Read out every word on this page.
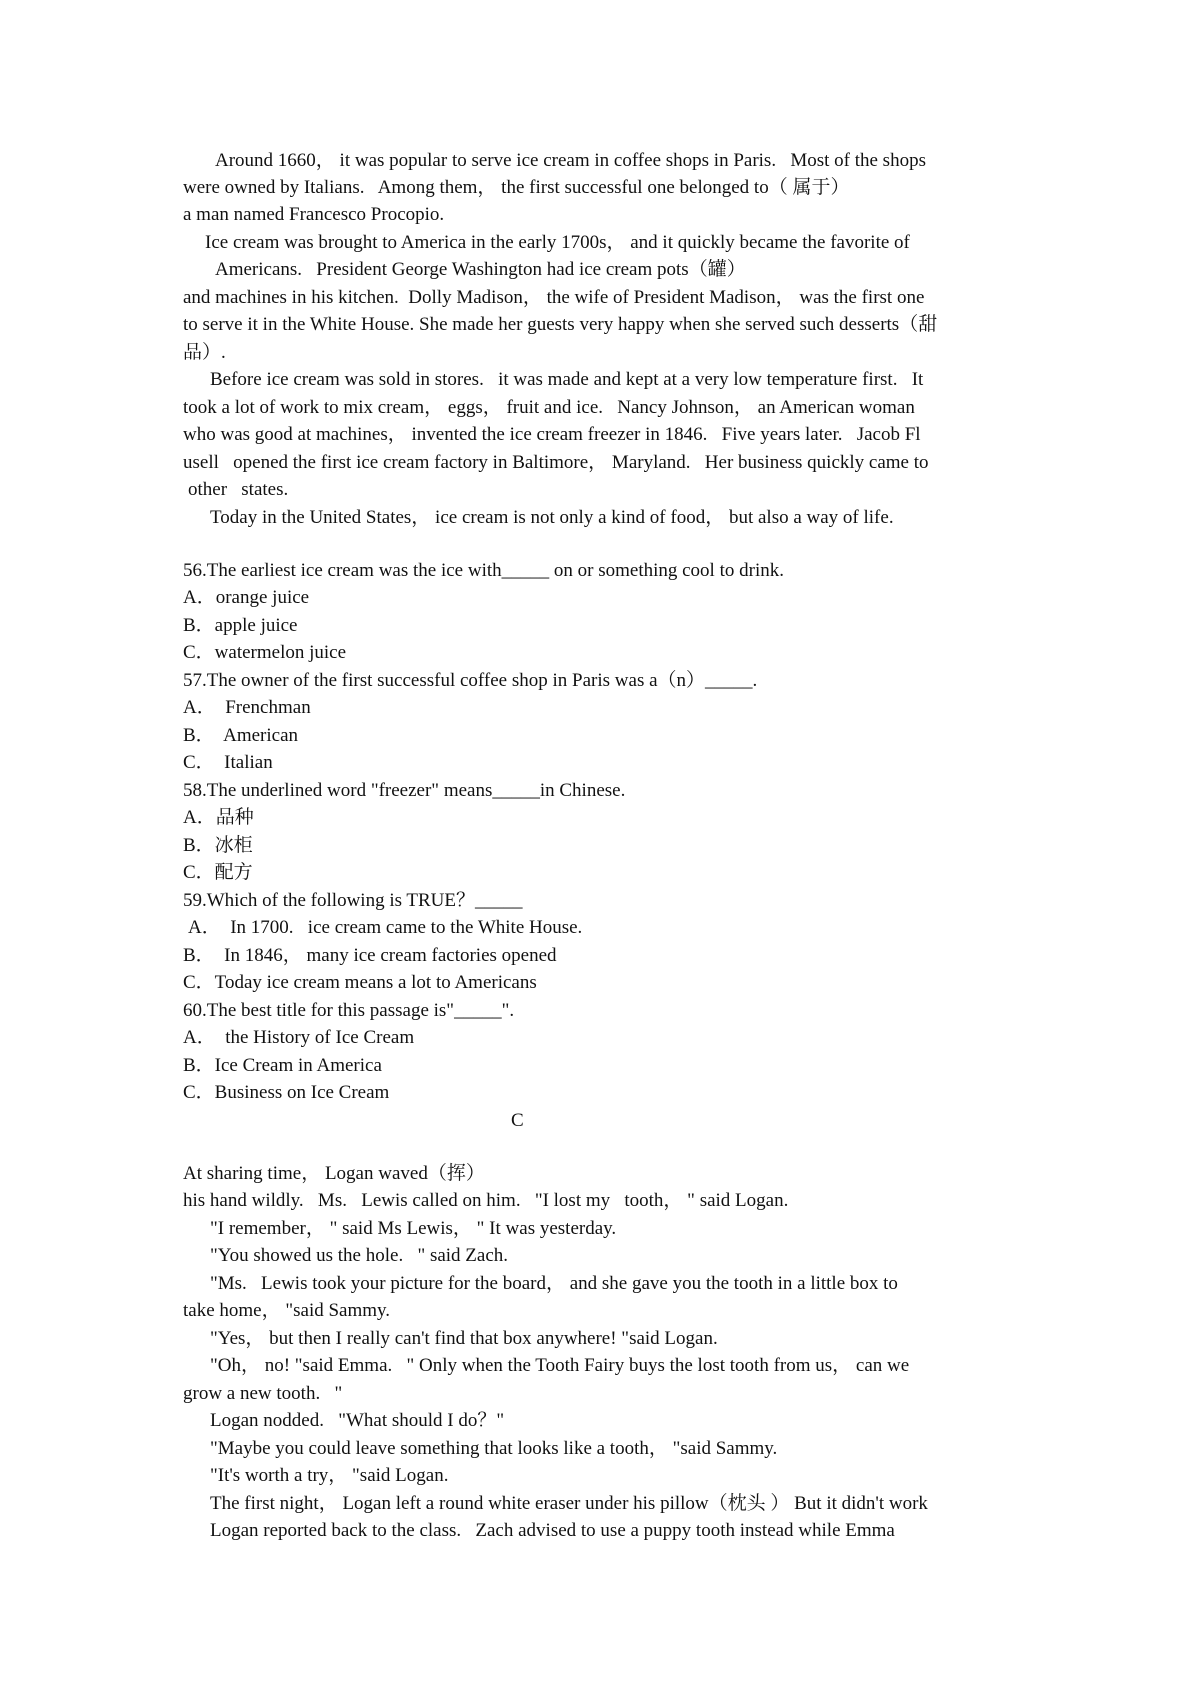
Around 1660， it was popular to serve ice cream in coffee shops in Paris.   Most of the shops
were owned by Italians.   Among them， the first successful one belonged to（ 属于）
a man named Francesco Procopio.
Ice cream was brought to America in the early 1700s， and it quickly became the favorite of
Americans.   President George Washington had ice cream pots（罐）
and machines in his kitchen.  Dolly Madison， the wife of President Madison， was the first one
to serve it in the White House. She made her guests very happy when she served such desserts（甜
品）.
Before ice cream was sold in stores.   it was made and kept at a very low temperature first.   It
took a lot of work to mix cream， eggs， fruit and ice.   Nancy Johnson， an American woman
who was good at machines， invented the ice cream freezer in 1846.   Five years later.   Jacob Fl
usell   opened the first ice cream factory in Baltimore， Maryland.   Her business quickly came to
other   states.
Today in the United States， ice cream is not only a kind of food， but also a way of life.
56.The earliest ice cream was the ice with_____ on or something cool to drink.
A．orange juice
B．apple juice
C．watermelon juice
57.The owner of the first successful coffee shop in Paris was a（n）_____.
A．  Frenchman
B．  American
C．  Italian
58.The underlined word "freezer" means_____in Chinese.
A．品种
B．冰柜
C．配方
59.Which of the following is TRUE？_____
A．  In 1700.   ice cream came to the White House.
B．  In 1846， many ice cream factories opened
C．Today ice cream means a lot to Americans
60.The best title for this passage is"_____".
A．  the History of Ice Cream
B．Ice Cream in America
C．Business on Ice Cream
C
At sharing time， Logan waved（挥）
his hand wildly.   Ms.   Lewis called on him.   "I lost my   tooth， " said Logan.
"I remember， " said Ms Lewis， " It was yesterday.
"You showed us the hole.   " said Zach.
"Ms.   Lewis took your picture for the board， and she gave you the tooth in a little box to
take home， "said Sammy.
"Yes， but then I really can't find that box anywhere! "said Logan.
"Oh， no! "said Emma.   " Only when the Tooth Fairy buys the lost tooth from us， can we
grow a new tooth.   "
Logan nodded.   "What should I do？"
"Maybe you could leave something that looks like a tooth， "said Sammy.
"It's worth a try， "said Logan.
The first night， Logan left a round white eraser under his pillow（枕头 ） But it didn't work
Logan reported back to the class.   Zach advised to use a puppy tooth instead while Emma
